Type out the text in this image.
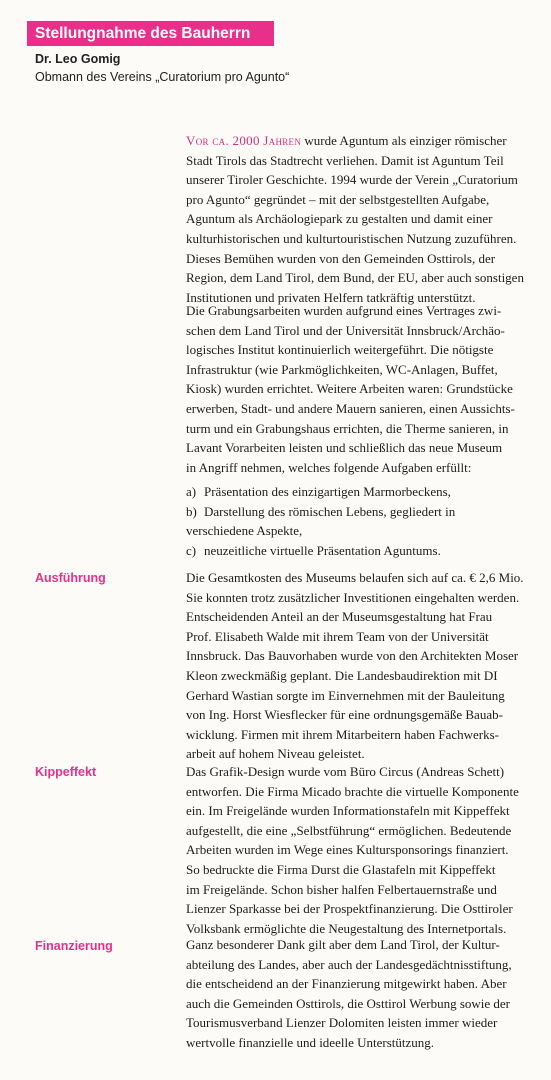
Stellungnahme des Bauherrn
Dr. Leo Gomig
Obmann des Vereins „Curatorium pro Agunto“
Vor ca. 2000 Jahren wurde Aguntum als einziger römischer
Stadt Tirols das Stadtrecht verliehen. Damit ist Aguntum Teil
unserer Tiroler Geschichte. 1994 wurde der Verein „Curatorium
pro Agunto“ gegründet – mit der selbstgestellten Aufgabe,
Aguntum als Archäologiepark zu gestalten und damit einer
kulturhistorischen und kulturtouristischen Nutzung zuzuführen.
Dieses Bemühen wurden von den Gemeinden Osttirols, der
Region, dem Land Tirol, dem Bund, der EU, aber auch sonstigen
Institutionen und privaten Helfern tatkräftig unterstützt.
Die Grabungsarbeiten wurden aufgrund eines Vertrages zwi-
schen dem Land Tirol und der Universität Innsbruck/Archäo-
logisches Institut kontinuierlich weitergeführt. Die nötigste
Infrastruktur (wie Parkmöglichkeiten, WC-Anlagen, Buffet,
Kiosk) wurden errichtet. Weitere Arbeiten waren: Grundstücke
erwerben, Stadt- und andere Mauern sanieren, einen Aussichts-
turm und ein Grabungshaus errichten, die Therme sanieren, in
Lavant Vorarbeiten leisten und schließlich das neue Museum
in Angriff nehmen, welches folgende Aufgaben erfüllt:
a) Präsentation des einzigartigen Marmorbeckens,
b) Darstellung des römischen Lebens, gegliedert in
verschiedene Aspekte,
c) neuzeitliche virtuelle Präsentation Aguntums.
Ausführung	Die Gesamtkosten des Museums belaufen sich auf ca. € 2,6 Mio.
Sie konnten trotz zusätzlicher Investitionen eingehalten werden.
Entscheidenden Anteil an der Museumsgestaltung hat Frau
Prof. Elisabeth Walde mit ihrem Team von der Universität
Innsbruck. Das Bauvorhaben wurde von den Architekten Moser
Kleon zweckmäßig geplant. Die Landesbaudirektion mit DI
Gerhard Wastian sorgte im Einvernehmen mit der Bauleitung
von Ing. Horst Wiesflecker für eine ordnungsgemäße Bauab-
wicklung. Firmen mit ihrem Mitarbeitern haben Fachwerks-
arbeit auf hohem Niveau geleistet.
Kippeffekt	Das Grafik-Design wurde vom Büro Circus (Andreas Schett)
entworfen. Die Firma Micado brachte die virtuelle Komponente
ein. Im Freigelände wurden Informationstafeln mit Kippeffekt
aufgestellt, die eine „Selbstführung“ ermöglichen. Bedeutende
Arbeiten wurden im Wege eines Kultursponsorings finanziert.
So bedruckte die Firma Durst die Glastafeln mit Kippeffekt
im Freigelände. Schon bisher halfen Felbertauernstraße und
Lienzer Sparkasse bei der Prospektfinanzierung. Die Osttiroler
Volksbank ermöglichte die Neugestaltung des Internetportals.
Finanzierung	Ganz besonderer Dank gilt aber dem Land Tirol, der Kultur-
abteilung des Landes, aber auch der Landesgedächtnisstiftung,
die entscheidend an der Finanzierung mitgewirkt haben. Aber
auch die Gemeinden Osttirols, die Osttirol Werbung sowie der
Tourismusverband Lienzer Dolomiten leisten immer wieder
wertvolle finanzielle und ideelle Unterstützung.
